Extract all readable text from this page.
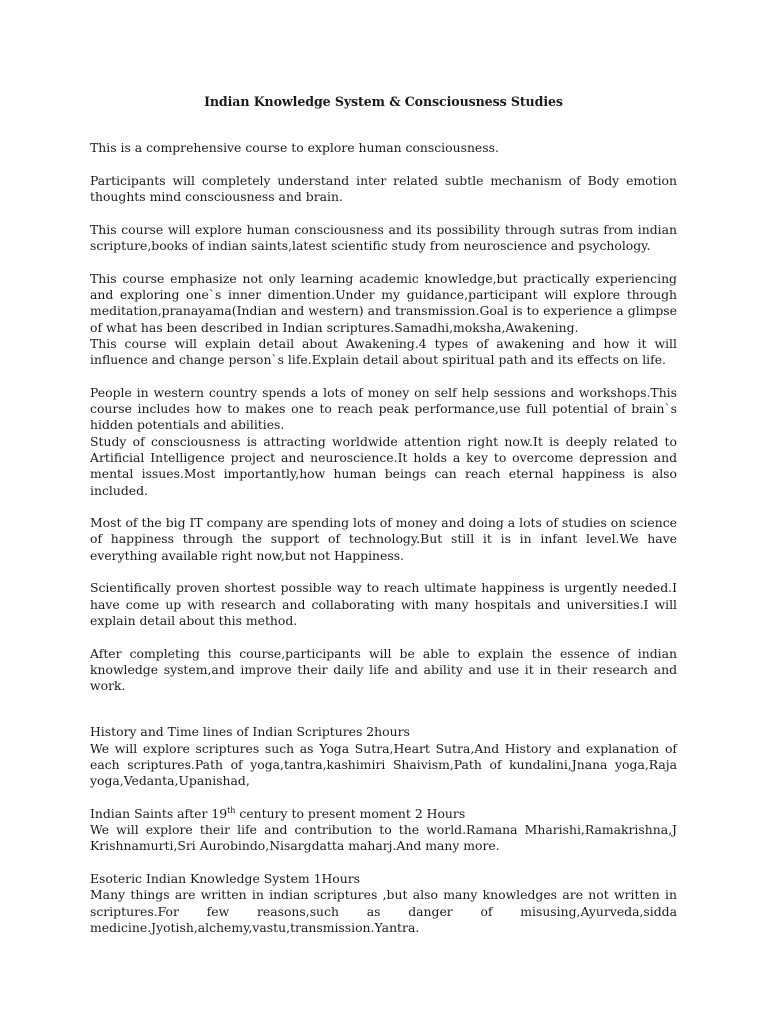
Indian Knowledge System & Consciousness Studies

This is a comprehensive course to explore human consciousness.

Participants will completely understand inter related subtle mechanism of Body emotion thoughts mind consciousness and brain.

This course will explore human consciousness and its possibility through sutras from indian scripture,books of indian saints,latest scientific study from neuroscience and psychology.

This course emphasize not only learning academic knowledge,but practically experiencing and exploring one`s inner dimention.Under my guidance,participant will explore through meditation,pranayama(Indian and western) and transmission.Goal is to experience a glimpse of what has been described in Indian scriptures.Samadhi,moksha,Awakening.

This course will explain detail about Awakening.4 types of awakening and how it will influence and change person`s life.Explain detail about spiritual path and its effects on life.

People in western country spends a lots of money on self help sessions and workshops.This course includes how to makes one to reach peak performance,use full potential of brain`s hidden potentials and abilities.

Study of consciousness is attracting worldwide attention right now.It is deeply related to Artificial Intelligence project and neuroscience.It holds a key to overcome depression and mental issues.Most importantly,how human beings can reach eternal happiness is also included.

Most of the big IT company are spending lots of money and doing a lots of studies on science of happiness through the support of technology.But still it is in infant level.We have everything available right now,but not Happiness.

Scientifically proven shortest possible way to reach ultimate happiness is urgently needed.I have come up with research and collaborating with many hospitals and universities.I will explain detail about this method.

After completing this course,participants will be able to explain the essence of indian knowledge system,and improve their daily life and ability and use it in their research and work.

History and Time lines of Indian Scriptures 2hours

We will explore scriptures such as Yoga Sutra,Heart Sutra,And History and explanation of each scriptures.Path of yoga,tantra,kashimiri Shaivism,Path of kundalini,Jnana yoga,Raja yoga,Vedanta,Upanishad,

Indian Saints after 19th century to present moment 2 Hours

We will explore their life and contribution to the world.Ramana Mharishi,Ramakrishna,J Krishnamurti,Sri Aurobindo,Nisargdatta maharj.And many more.

Esoteric Indian Knowledge System 1Hours

Many things are written in indian scriptures ,but also many knowledges are not written in scriptures.For few reasons,such as danger of misusing,Ayurveda,sidda medicine.Jyotish,alchemy,vastu,transmission.Yantra.
